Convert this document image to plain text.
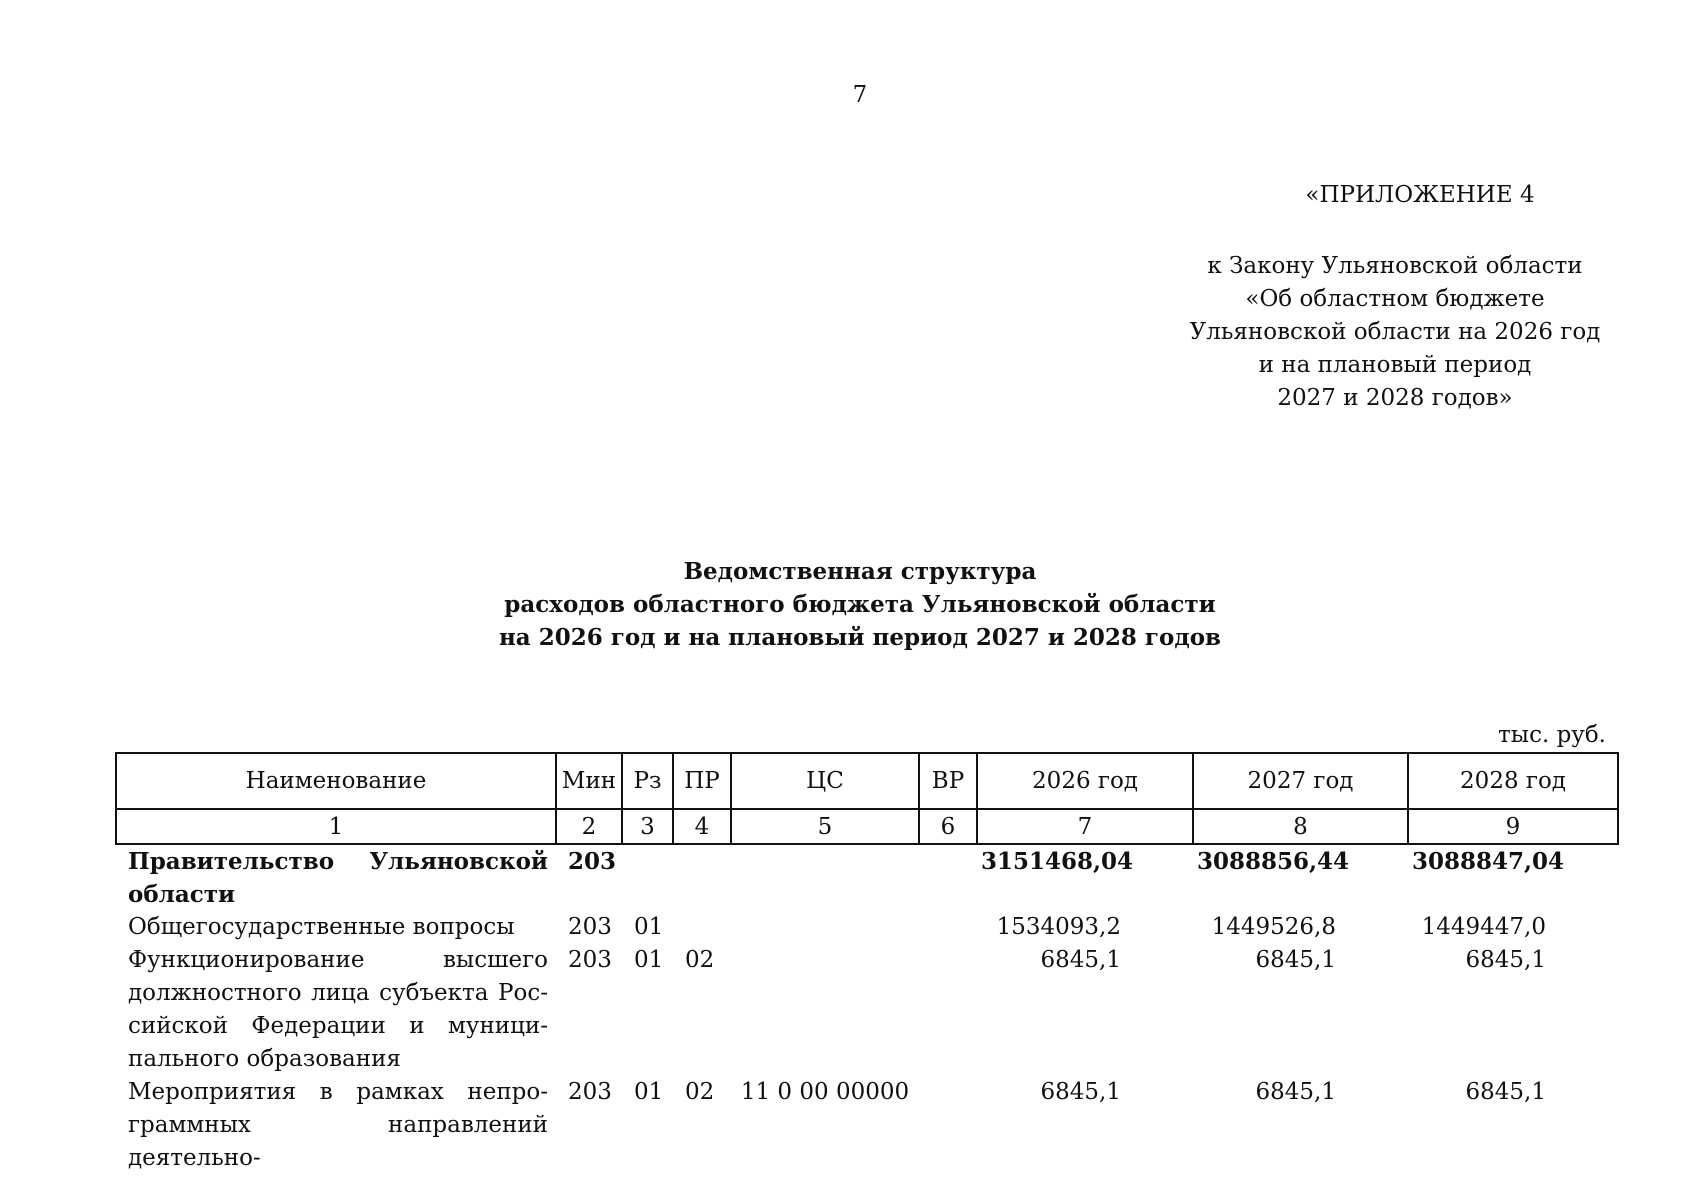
7
«ПРИЛОЖЕНИЕ 4
к Закону Ульяновской области
«Об областном бюджете
Ульяновской области на 2026 год
и на плановый период
2027 и 2028 годов»
Ведомственная структура
расходов областного бюджета Ульяновской области
на 2026 год и на плановый период 2027 и 2028 годов
тыс. руб.
Наименование	Мин	Рз	ПР	ЦС	ВР	2026 год	2027 год	2028 год
1	2	3	4	5	6	7	8	9
Правительство Ульяновской области	203					3151468,04	3088856,44	3088847,04
Общегосударственные вопросы	203	01				1534093,2	1449526,8	1449447,0
Функционирование высшего должностного лица субъекта Рос-сийской Федерации и муници-пального образования	203	01	02			6845,1	6845,1	6845,1
Мероприятия в рамках непро-граммных направлений деятельно-	203	01	02	11 0 00 00000		6845,1	6845,1	6845,1
